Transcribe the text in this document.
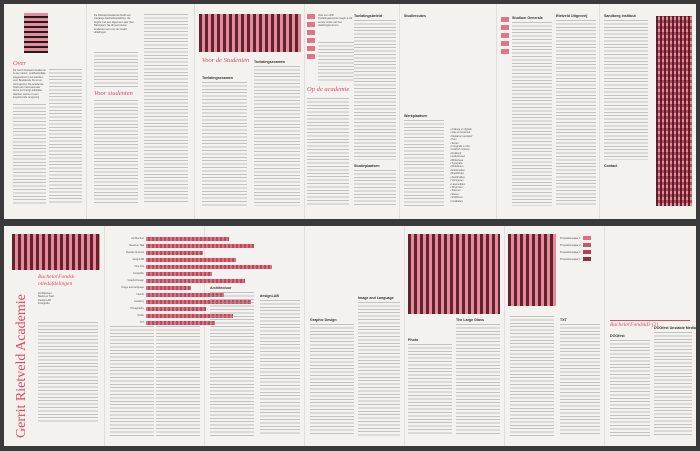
Over
De Gerrit Rietveld Academie is een kleine, onafhankelijke Hogeschool in Amsterdam voor Beeldende Kunst en Vormgeving. De academie heeft een internationale focus en brengt artistieke talenten samen in een inspirerende omgeving.
De Rietveld Academie biedt een vierjarige bacheloropleiding, die begint met een algemeen jaar (het Basisjaar). Na dit jaar kiezen studenten een van de twaalf afdelingen.
Voor studenten
Voor de Studenten
Toelatingsexamen
Toelatingsexamen
Voor een IDR Toelatingsexamen begin je de eerste ronde van het toelatingsexamen.
Op de academie
Toelatingsbeleid
Studieplaatsen
Werkplaatsen
Studieroutes
• Analoge en digitale
• Glas en keramiek
• Metaal en kunststof
• Hout
• Textiel
• Fotografie en film
• Grafisch ontwerp
• Drukkerij
• Audiovisueel
• Bibliotheek
• Typografie
• Modelleren
• Edelsmeden
• Boekbinden
• Zeefdrukken
• Vormgeven
• Lasersnijden
• 3D-printen
• Tekenen
• Weven
• Schilderen
• Installaties
Studium Generale	Rietveld Uitgeverij	Sandberg Instituut
Contact
Gerrit Rietveld Academie
BachelorFondsk otiedafdelingen
Architectuur
Beeld en Taal
DesignLAB
Fotografie
Architectuur
Beeld en Taal
Beeldende kunst
designLAB
Fine Arts
Fotografie
Graphic Design
Image and Language
Interior
Jewellery
Photography
Textile
TXT
Architectuur
designLAB
Graphic Design
Image and Language
Photo
The Large Glass
Propedeusejaar 1
Propedeusejaar 2
Propedeusejaar 3
Propedeusejaar 4
TXT
BachelorFondskD (2)
DOOfest
DOOfest Unstable Media
